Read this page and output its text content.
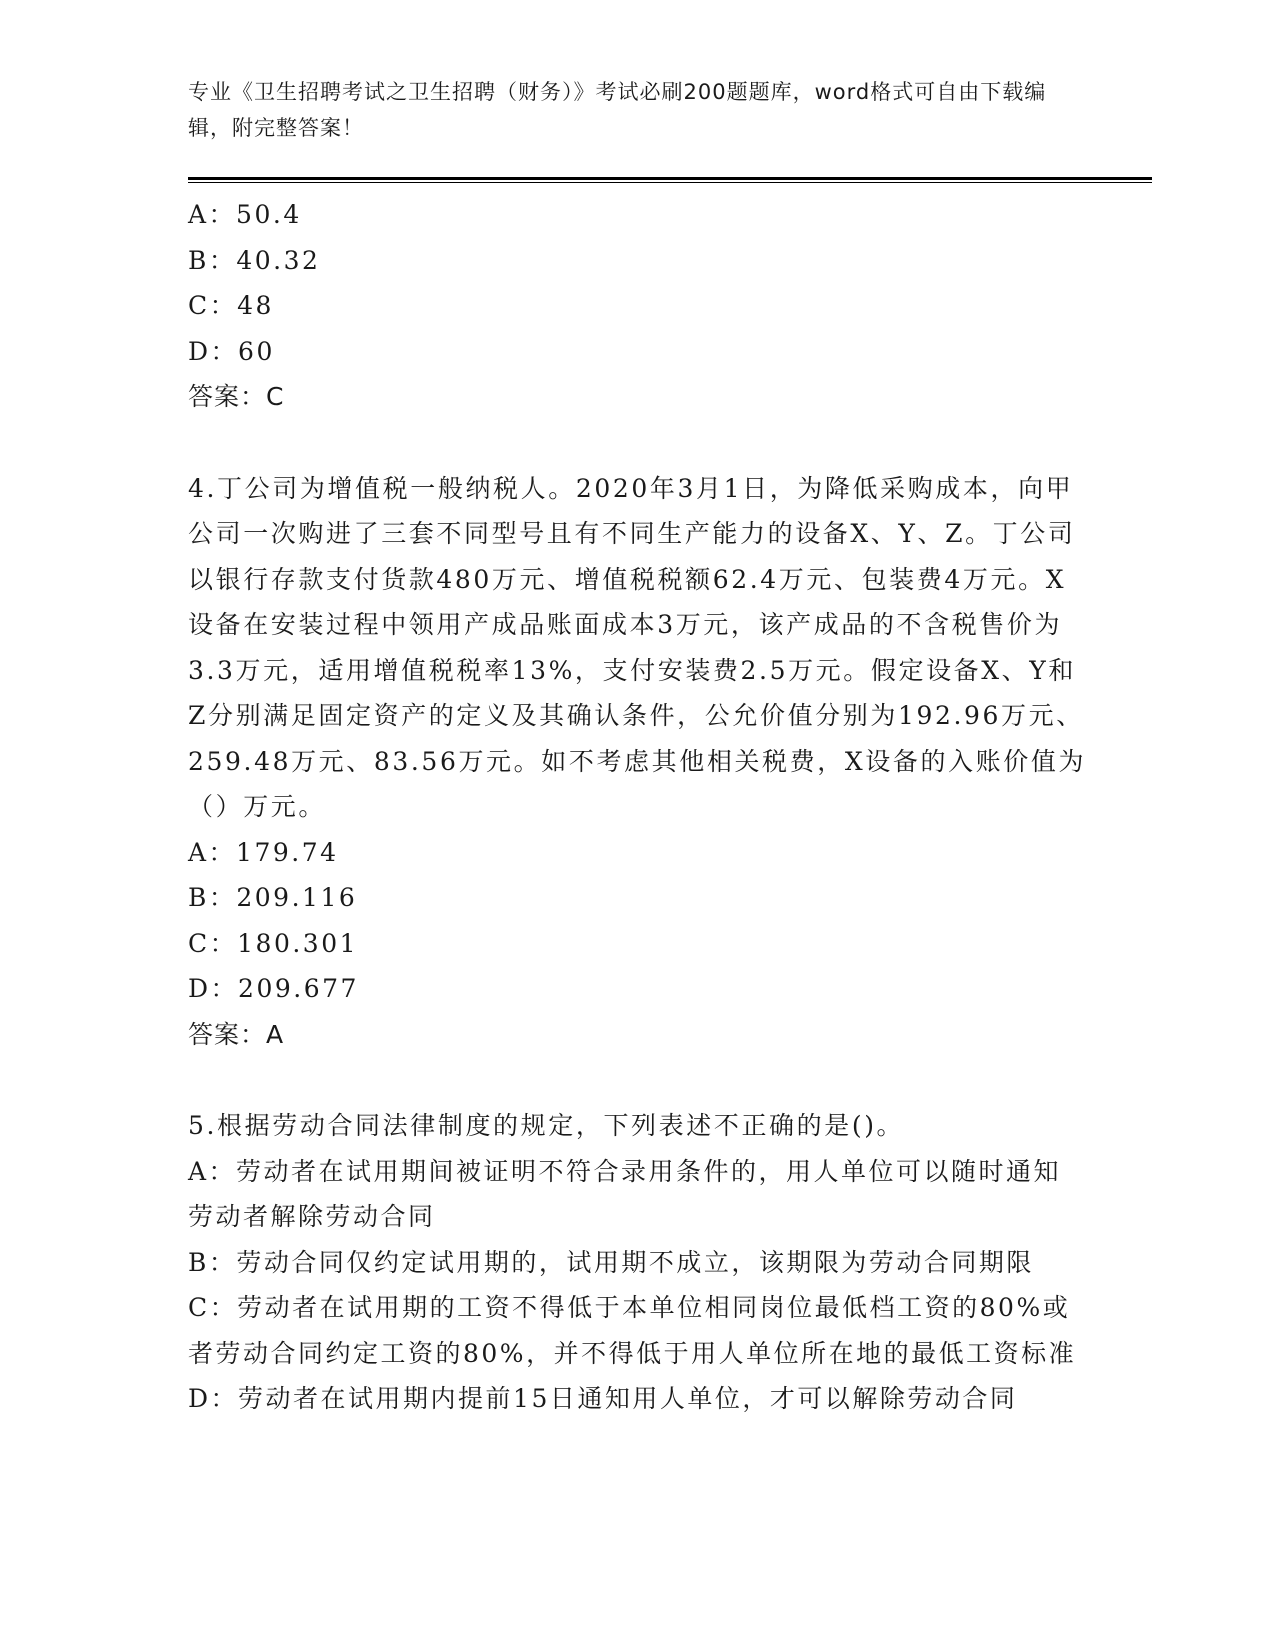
专业《卫生招聘考试之卫生招聘（财务）》考试必刷200题题库，word格式可自由下载编辑，附完整答案！
A：50.4
B：40.32
C：48
D：60
答案：C
4.丁公司为增值税一般纳税人。2020年3月1日，为降低采购成本，向甲公司一次购进了三套不同型号且有不同生产能力的设备X、Y、Z。丁公司以银行存款支付货款480万元、增值税税额62.4万元、包装费4万元。X设备在安装过程中领用产成品账面成本3万元，该产成品的不含税售价为3.3万元，适用增值税税率13%，支付安装费2.5万元。假定设备X、Y和Z分别满足固定资产的定义及其确认条件，公允价值分别为192.96万元、259.48万元、83.56万元。如不考虑其他相关税费，X设备的入账价值为（）万元。
A：179.74
B：209.116
C：180.301
D：209.677
答案：A
5.根据劳动合同法律制度的规定，下列表述不正确的是()。
A：劳动者在试用期间被证明不符合录用条件的，用人单位可以随时通知劳动者解除劳动合同
B：劳动合同仅约定试用期的，试用期不成立，该期限为劳动合同期限
C：劳动者在试用期的工资不得低于本单位相同岗位最低档工资的80%或者劳动合同约定工资的80%，并不得低于用人单位所在地的最低工资标准
D：劳动者在试用期内提前15日通知用人单位，才可以解除劳动合同
